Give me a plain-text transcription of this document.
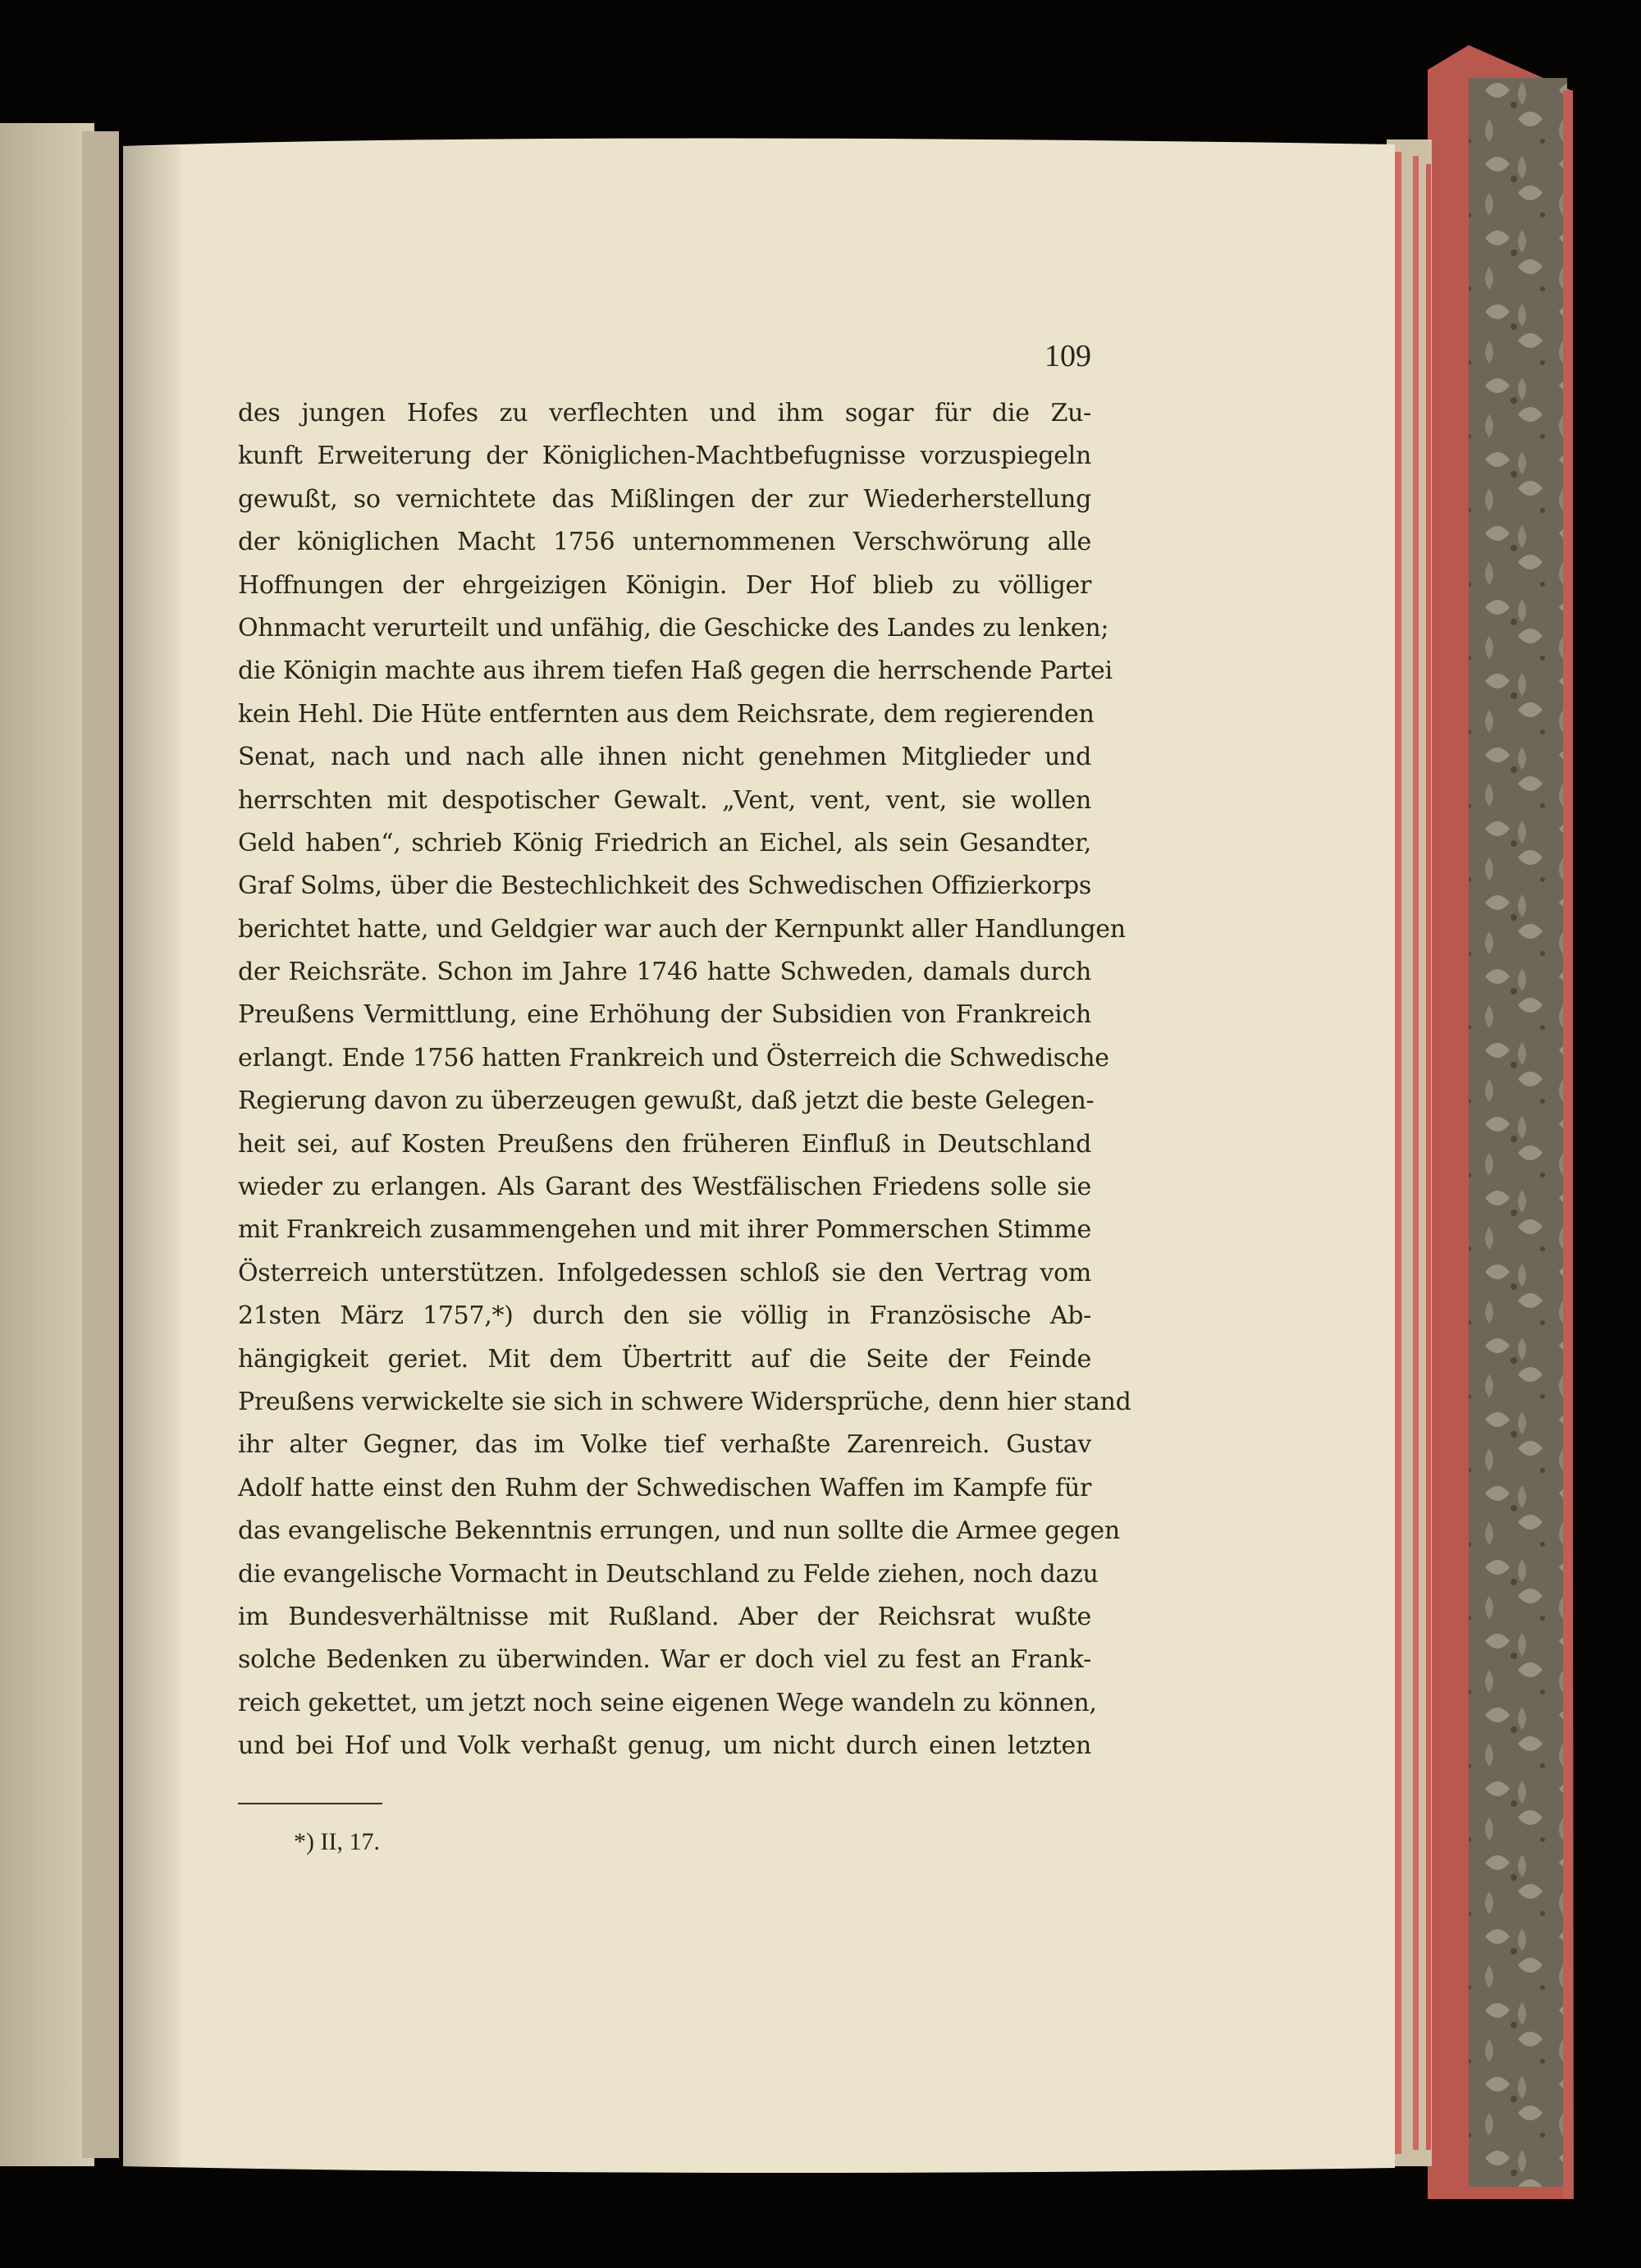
109
des jungen Hofes zu verflechten und ihm sogar für die Zu-
kunft Erweiterung der Königlichen-Machtbefugnisse vorzuspiegeln
gewußt, so vernichtete das Mißlingen der zur Wiederherstellung
der königlichen Macht 1756 unternommenen Verschwörung alle
Hoffnungen der ehrgeizigen Königin. Der Hof blieb zu völliger
Ohnmacht verurteilt und unfähig, die Geschicke des Landes zu lenken;
die Königin machte aus ihrem tiefen Haß gegen die herrschende Partei
kein Hehl. Die Hüte entfernten aus dem Reichsrate, dem regierenden
Senat, nach und nach alle ihnen nicht genehmen Mitglieder und
herrschten mit despotischer Gewalt. „Vent, vent, vent, sie wollen
Geld haben“, schrieb König Friedrich an Eichel, als sein Gesandter,
Graf Solms, über die Bestechlichkeit des Schwedischen Offizierkorps
berichtet hatte, und Geldgier war auch der Kernpunkt aller Handlungen
der Reichsräte. Schon im Jahre 1746 hatte Schweden, damals durch
Preußens Vermittlung, eine Erhöhung der Subsidien von Frankreich
erlangt. Ende 1756 hatten Frankreich und Österreich die Schwedische
Regierung davon zu überzeugen gewußt, daß jetzt die beste Gelegen-
heit sei, auf Kosten Preußens den früheren Einfluß in Deutschland
wieder zu erlangen. Als Garant des Westfälischen Friedens solle sie
mit Frankreich zusammengehen und mit ihrer Pommerschen Stimme
Österreich unterstützen. Infolgedessen schloß sie den Vertrag vom
21sten März 1757,*) durch den sie völlig in Französische Ab-
hängigkeit geriet. Mit dem Übertritt auf die Seite der Feinde
Preußens verwickelte sie sich in schwere Widersprüche, denn hier stand
ihr alter Gegner, das im Volke tief verhaßte Zarenreich. Gustav
Adolf hatte einst den Ruhm der Schwedischen Waffen im Kampfe für
das evangelische Bekenntnis errungen, und nun sollte die Armee gegen
die evangelische Vormacht in Deutschland zu Felde ziehen, noch dazu
im Bundesverhältnisse mit Rußland. Aber der Reichsrat wußte
solche Bedenken zu überwinden. War er doch viel zu fest an Frank-
reich gekettet, um jetzt noch seine eigenen Wege wandeln zu können,
und bei Hof und Volk verhaßt genug, um nicht durch einen letzten
*) II, 17.
